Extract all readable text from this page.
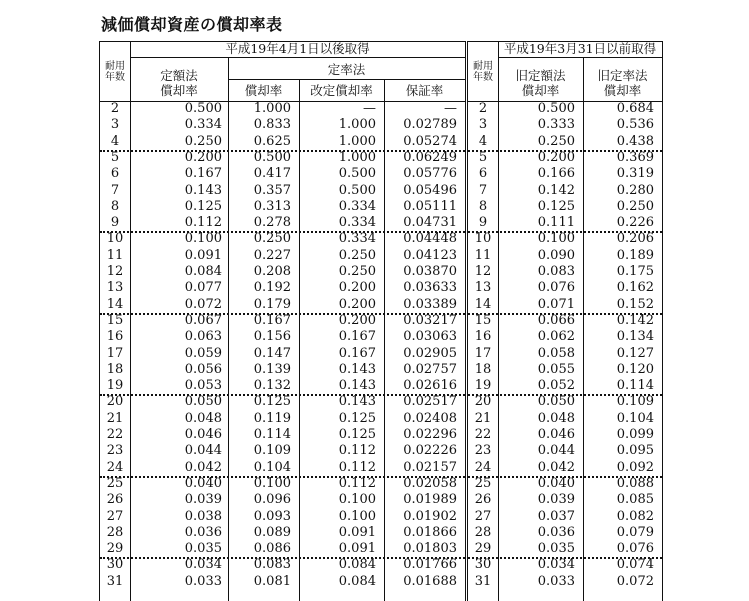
減価償却資産の償却率表
平成19年4月1日以後取得
耐用
年数	定額法
償却率
定率法
償却率	改定償却率	保証率
2	0.500	1.000	—	—
3	0.334	0.833	1.000	0.02789
4	0.250	0.625	1.000	0.05274
5	0.200	0.500	1.000	0.06249
6	0.167	0.417	0.500	0.05776
7	0.143	0.357	0.500	0.05496
8	0.125	0.313	0.334	0.05111
9	0.112	0.278	0.334	0.04731
10	0.100	0.250	0.334	0.04448
11	0.091	0.227	0.250	0.04123
12	0.084	0.208	0.250	0.03870
13	0.077	0.192	0.200	0.03633
14	0.072	0.179	0.200	0.03389
15	0.067	0.167	0.200	0.03217
16	0.063	0.156	0.167	0.03063
17	0.059	0.147	0.167	0.02905
18	0.056	0.139	0.143	0.02757
19	0.053	0.132	0.143	0.02616
20	0.050	0.125	0.143	0.02517
21	0.048	0.119	0.125	0.02408
22	0.046	0.114	0.125	0.02296
23	0.044	0.109	0.112	0.02226
24	0.042	0.104	0.112	0.02157
25	0.040	0.100	0.112	0.02058
26	0.039	0.096	0.100	0.01989
27	0.038	0.093	0.100	0.01902
28	0.036	0.089	0.091	0.01866
29	0.035	0.086	0.091	0.01803
30	0.034	0.083	0.084	0.01766
31	0.033	0.081	0.084	0.01688
平成19年3月31日以前取得
耐用
年数	旧定額法
償却率
旧定率法
償却率
2	0.500	0.684
3	0.333	0.536
4	0.250	0.438
5	0.200	0.369
6	0.166	0.319
7	0.142	0.280
8	0.125	0.250
9	0.111	0.226
10	0.100	0.206
11	0.090	0.189
12	0.083	0.175
13	0.076	0.162
14	0.071	0.152
15	0.066	0.142
16	0.062	0.134
17	0.058	0.127
18	0.055	0.120
19	0.052	0.114
20	0.050	0.109
21	0.048	0.104
22	0.046	0.099
23	0.044	0.095
24	0.042	0.092
25	0.040	0.088
26	0.039	0.085
27	0.037	0.082
28	0.036	0.079
29	0.035	0.076
30	0.034	0.074
31	0.033	0.072
